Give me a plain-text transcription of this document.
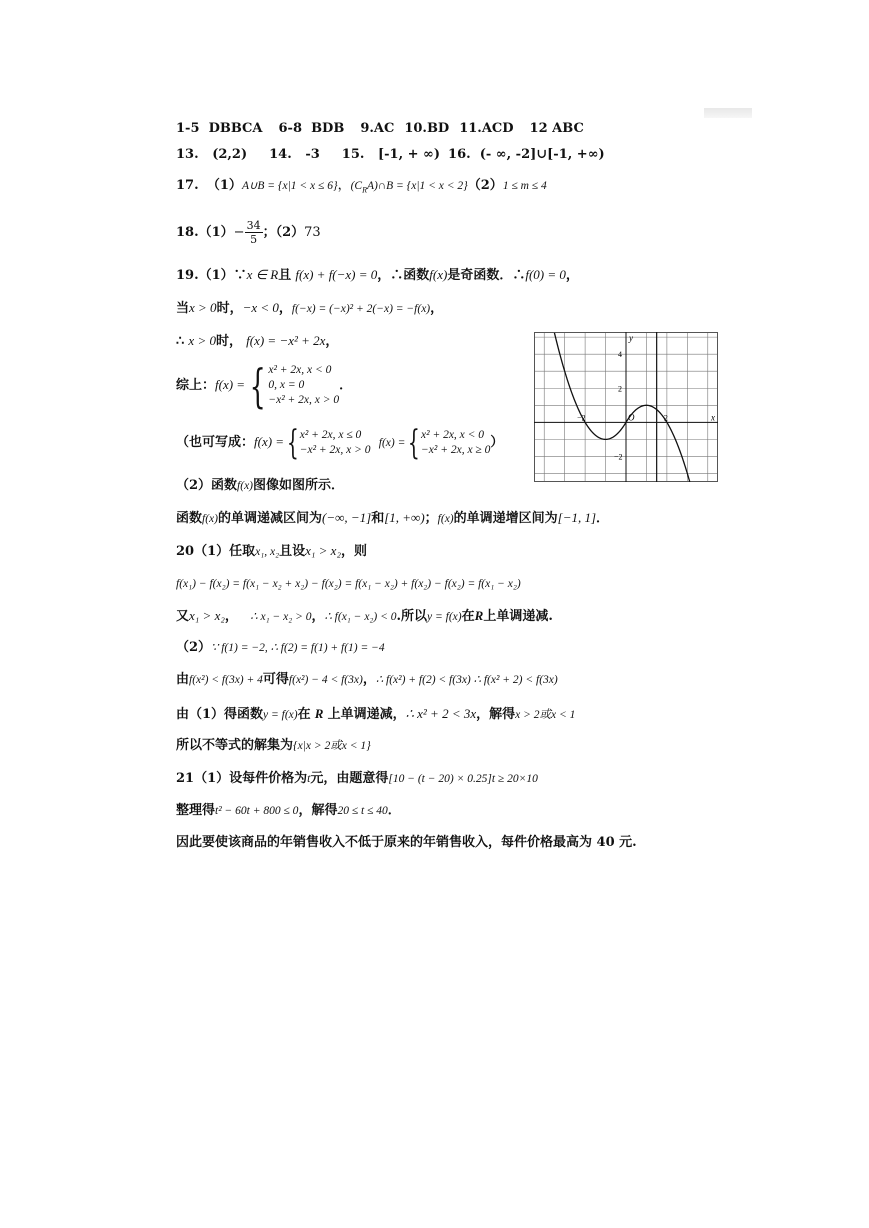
1-5 DBBCA 6-8 BDB 9.AC 10.BD 11.ACD 12 ABC
13. (2,2) 14. -3 15. [-1, + ∞) 16. (- ∞, -2]∪[-1, +∞)
17. （1）A∪B = {x|1 < x ≤ 6}，$(C_RA)\cap B = \{x|1 < x < 2\}(2)1 \le m \le 4$
$18.(1)- \frac{34}{5}$ ；（2）73
19.（1）∵x ∈ R且 f(x) + f(−x) = 0，∴函数f(x)是奇函数．∴f(0) = 0，
当x > 0时，−x < 0，f(−x) = (−x)² + 2(−x) = −f(x)，
∴ x > 0时， f(x) = −x² + 2x，
综上：f(x) ={ x² + 2x, x < 0
0, x = 0
−x² + 2x, x > 0
．
（也可写成：f(x) ={ x² + 2x, x ≤ 0
−x² + 2x, x > 0
f(x) ={ x² + 2x, x < 0
−x² + 2x, x ≥ 0 ）
（2）函数f(x)图像如图所示．
函数f(x)的单调递减区间为(−∞, −1]和[1, +∞)；f(x)的单调递增区间为[−1, 1]．
20（1）任取x₁, x₂且设x₁ > x₂，则
f(x₁) − f(x₂) = f(x₁ − x₂ + x₂) − f(x₂) = f(x₁ − x₂) + f(x₂) − f(x₂) = f(x₁ − x₂)
又x₁ > x₂， ∴ x₁ − x₂ > 0，∴ f(x₁ − x₂) < 0.所以y = f(x)在R上单调递减.
（2）∵ f(1) = −2, ∴ f(2) = f(1) + f(1) = −4
由f(x²) < f(3x) + 4可得f(x²) − 4 < f(3x)，∴ f(x²) + f(2) < f(3x) ∴ f(x² + 2) < f(3x)
由（1）得函数y = f(x)在 R 上单调递减，∴ x² + 2 < 3x，解得x > 2或x < 1
所以不等式的解集为{x|x > 2或x < 1}
21（1）设每件价格为t元，由题意得[10 − (t − 20) × 0.25]t ≥ 20×10
整理得t² − 60t + 800 ≤ 0，解得20 ≤ t ≤ 40．
因此要使该商品的年销售收入不低于原来的年销售收入，每件价格最高为 40 元.
y
x
O
4
2
−2
−2	2
